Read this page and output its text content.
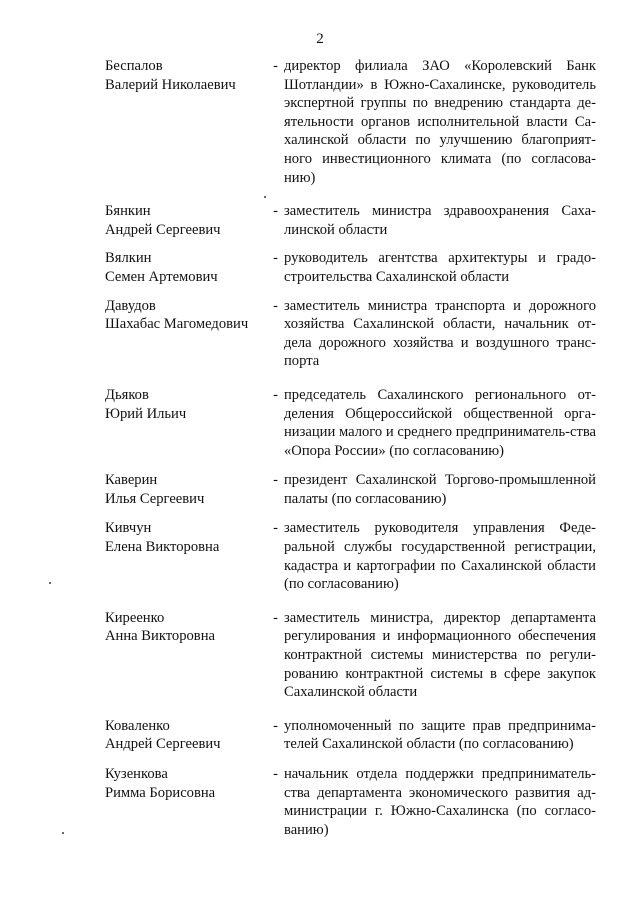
2
Беспалов
Валерий Николаевич
- директор филиала ЗАО «Королевский Банк Шотландии» в Южно-Сахалинске, руководитель экспертной группы по внедрению стандарта де-ятельности органов исполнительной власти Са-халинской области по улучшению благоприят-ного инвестиционного климата (по согласова-нию)
Бянкин
Андрей Сергеевич
- заместитель министра здравоохранения Саха-линской области
Вялкин
Семен Артемович
- руководитель агентства архитектуры и градо-строительства Сахалинской области
Давудов
Шахабас Магомедович
- заместитель министра транспорта и дорожного хозяйства Сахалинской области, начальник от-дела дорожного хозяйства и воздушного транс-порта
Дьяков
Юрий Ильич
- председатель Сахалинского регионального от-деления Общероссийской общественной орга-низации малого и среднего предприниматель-ства «Опора России» (по согласованию)
Каверин
Илья Сергеевич
- президент Сахалинской Торгово-промышленной палаты (по согласованию)
Кивчун
Елена Викторовна
- заместитель руководителя управления Феде-ральной службы государственной регистрации, кадастра и картографии по Сахалинской области (по согласованию)
Киреенко
Анна Викторовна
- заместитель министра, директор департамента регулирования и информационного обеспечения контрактной системы министерства по регули-рованию контрактной системы в сфере закупок Сахалинской области
Коваленко
Андрей Сергеевич
- уполномоченный по защите прав предпринима-телей Сахалинской области (по согласованию)
Кузенкова
Римма Борисовна
- начальник отдела поддержки предприниматель-ства департамента экономического развития ад-министрации г. Южно-Сахалинска (по согласо-ванию)
